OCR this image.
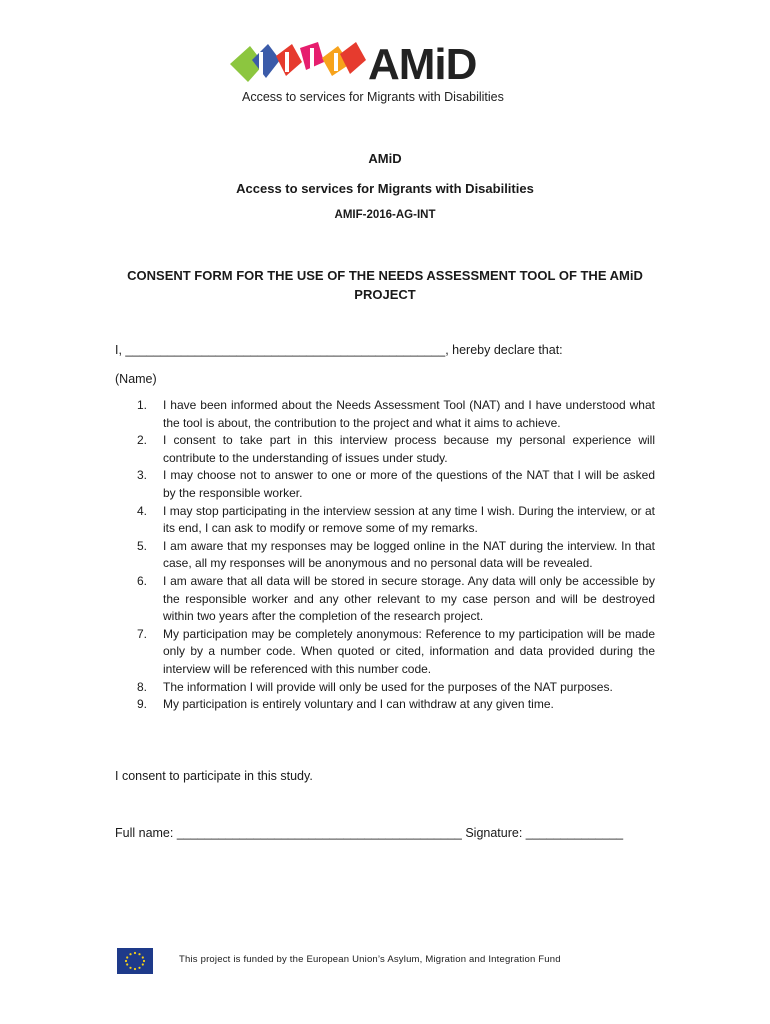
AMiD
Access to services for Migrants with Disabilities
AMiD
Access to services for Migrants with Disabilities
AMIF-2016-AG-INT
CONSENT FORM FOR THE USE OF THE NEEDS ASSESSMENT TOOL OF THE AMiD PROJECT
I, ______________________________________________, hereby declare that:
(Name)
1. I have been informed about the Needs Assessment Tool (NAT) and I have understood what the tool is about, the contribution to the project and what it aims to achieve.
2. I consent to take part in this interview process because my personal experience will contribute to the understanding of issues under study.
3. I may choose not to answer to one or more of the questions of the NAT that I will be asked by the responsible worker.
4. I may stop participating in the interview session at any time I wish. During the interview, or at its end, I can ask to modify or remove some of my remarks.
5. I am aware that my responses may be logged online in the NAT during the interview. In that case, all my responses will be anonymous and no personal data will be revealed.
6. I am aware that all data will be stored in secure storage. Any data will only be accessible by the responsible worker and any other relevant to my case person and will be destroyed within two years after the completion of the research project.
7. My participation may be completely anonymous: Reference to my participation will be made only by a number code. When quoted or cited, information and data provided during the interview will be referenced with this number code.
8. The information I will provide will only be used for the purposes of the NAT purposes.
9. My participation is entirely voluntary and I can withdraw at any given time.
I consent to participate in this study.
Full name: _________________________________________ Signature: ______________
This project is funded by the European Union’s Asylum, Migration and Integration Fund
